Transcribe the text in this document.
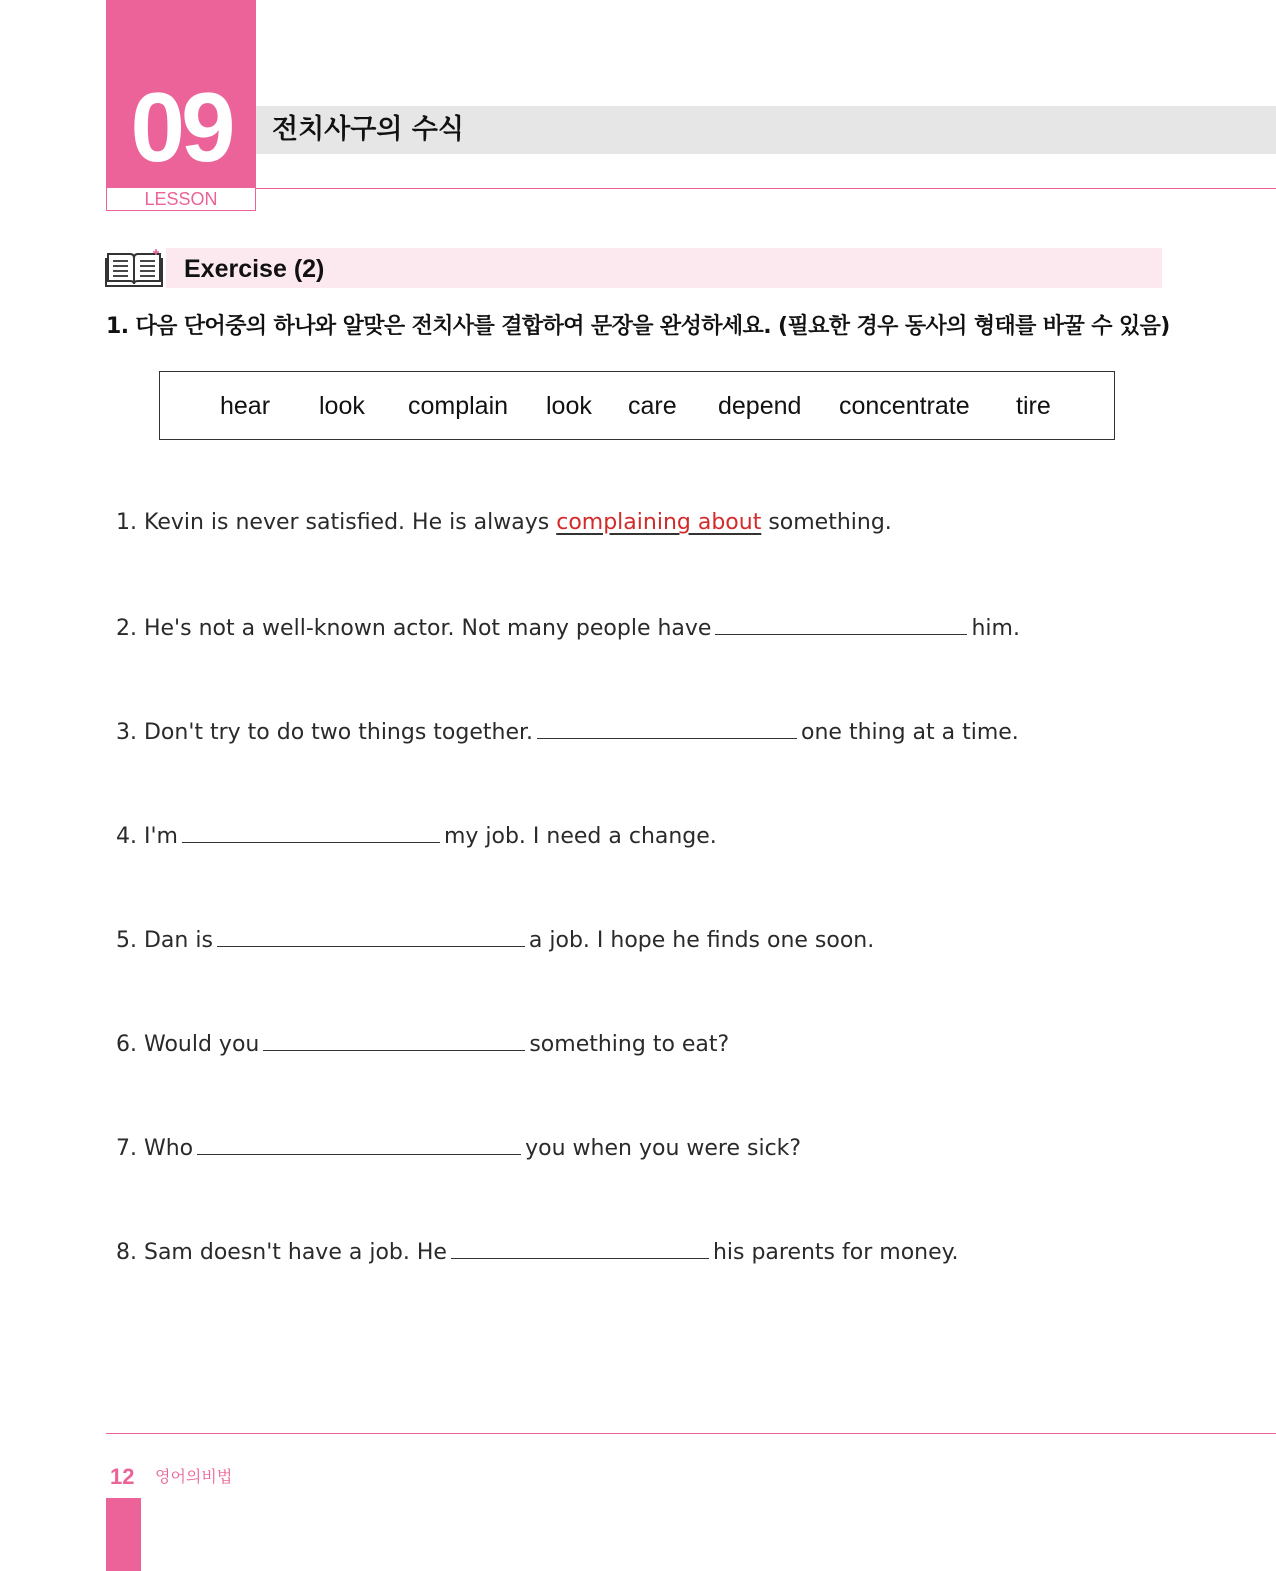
09
LESSON
전치사구의 수식
Exercise (2)
1. 다음 단어중의 하나와 알맞은 전치사를 결합하여 문장을 완성하세요. (필요한 경우 동사의 형태를 바꿀 수 있음)
hear look complain look care depend concentrate tire
1. Kevin is never satisfied. He is always complaining about something.
2. He's not a well-known actor. Not many people have	him.
3. Don't try to do two things together.	one thing at a time.
4. I'm	my job. I need a change.
5. Dan is	a job. I hope he finds one soon.
6. Would you	something to eat?
7. Who	you when you were sick?
8. Sam doesn't have a job. He	his parents for money.
12 영어의비법
